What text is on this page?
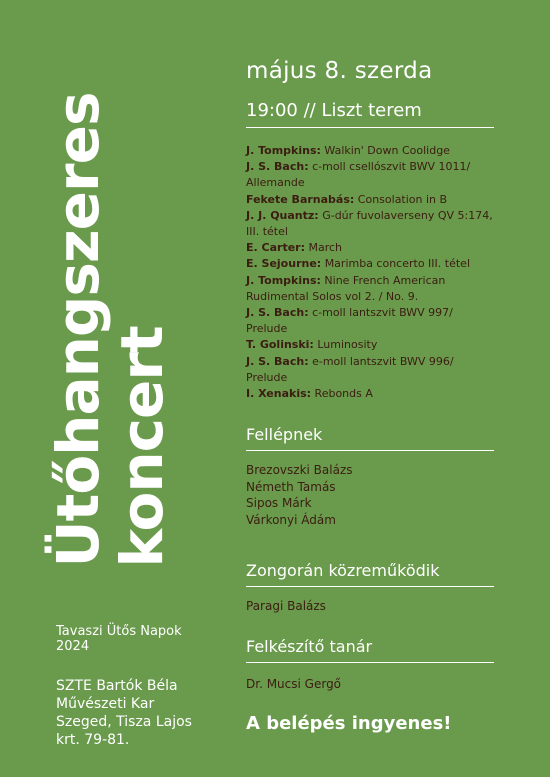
Ütőhangszeres
koncert
Tavaszi Ütős Napok
2024
SZTE Bartók Béla
Művészeti Kar
Szeged, Tisza Lajos
krt. 79-81.
május 8. szerda
19:00 // Liszt terem
J. Tompkins: Walkin' Down Coolidge
J. S. Bach: c-moll csellószvit BWV 1011/ Allemande
Fekete Barnabás: Consolation in B
J. J. Quantz: G-dúr fuvolaverseny QV 5:174, III. tétel
E. Carter: March
E. Sejourne: Marimba concerto III. tétel
J. Tompkins: Nine French American Rudimental Solos vol 2. / No. 9.
J. S. Bach: c-moll lantszvit BWV 997/ Prelude
T. Golinski: Luminosity
J. S. Bach: e-moll lantszvit BWV 996/ Prelude
I. Xenakis: Rebonds A
Fellépnek
Brezovszki Balázs
Németh Tamás
Sipos Márk
Várkonyi Ádám
Zongorán közreműködik
Paragi Balázs
Felkészítő tanár
Dr. Mucsi Gergő
A belépés ingyenes!
